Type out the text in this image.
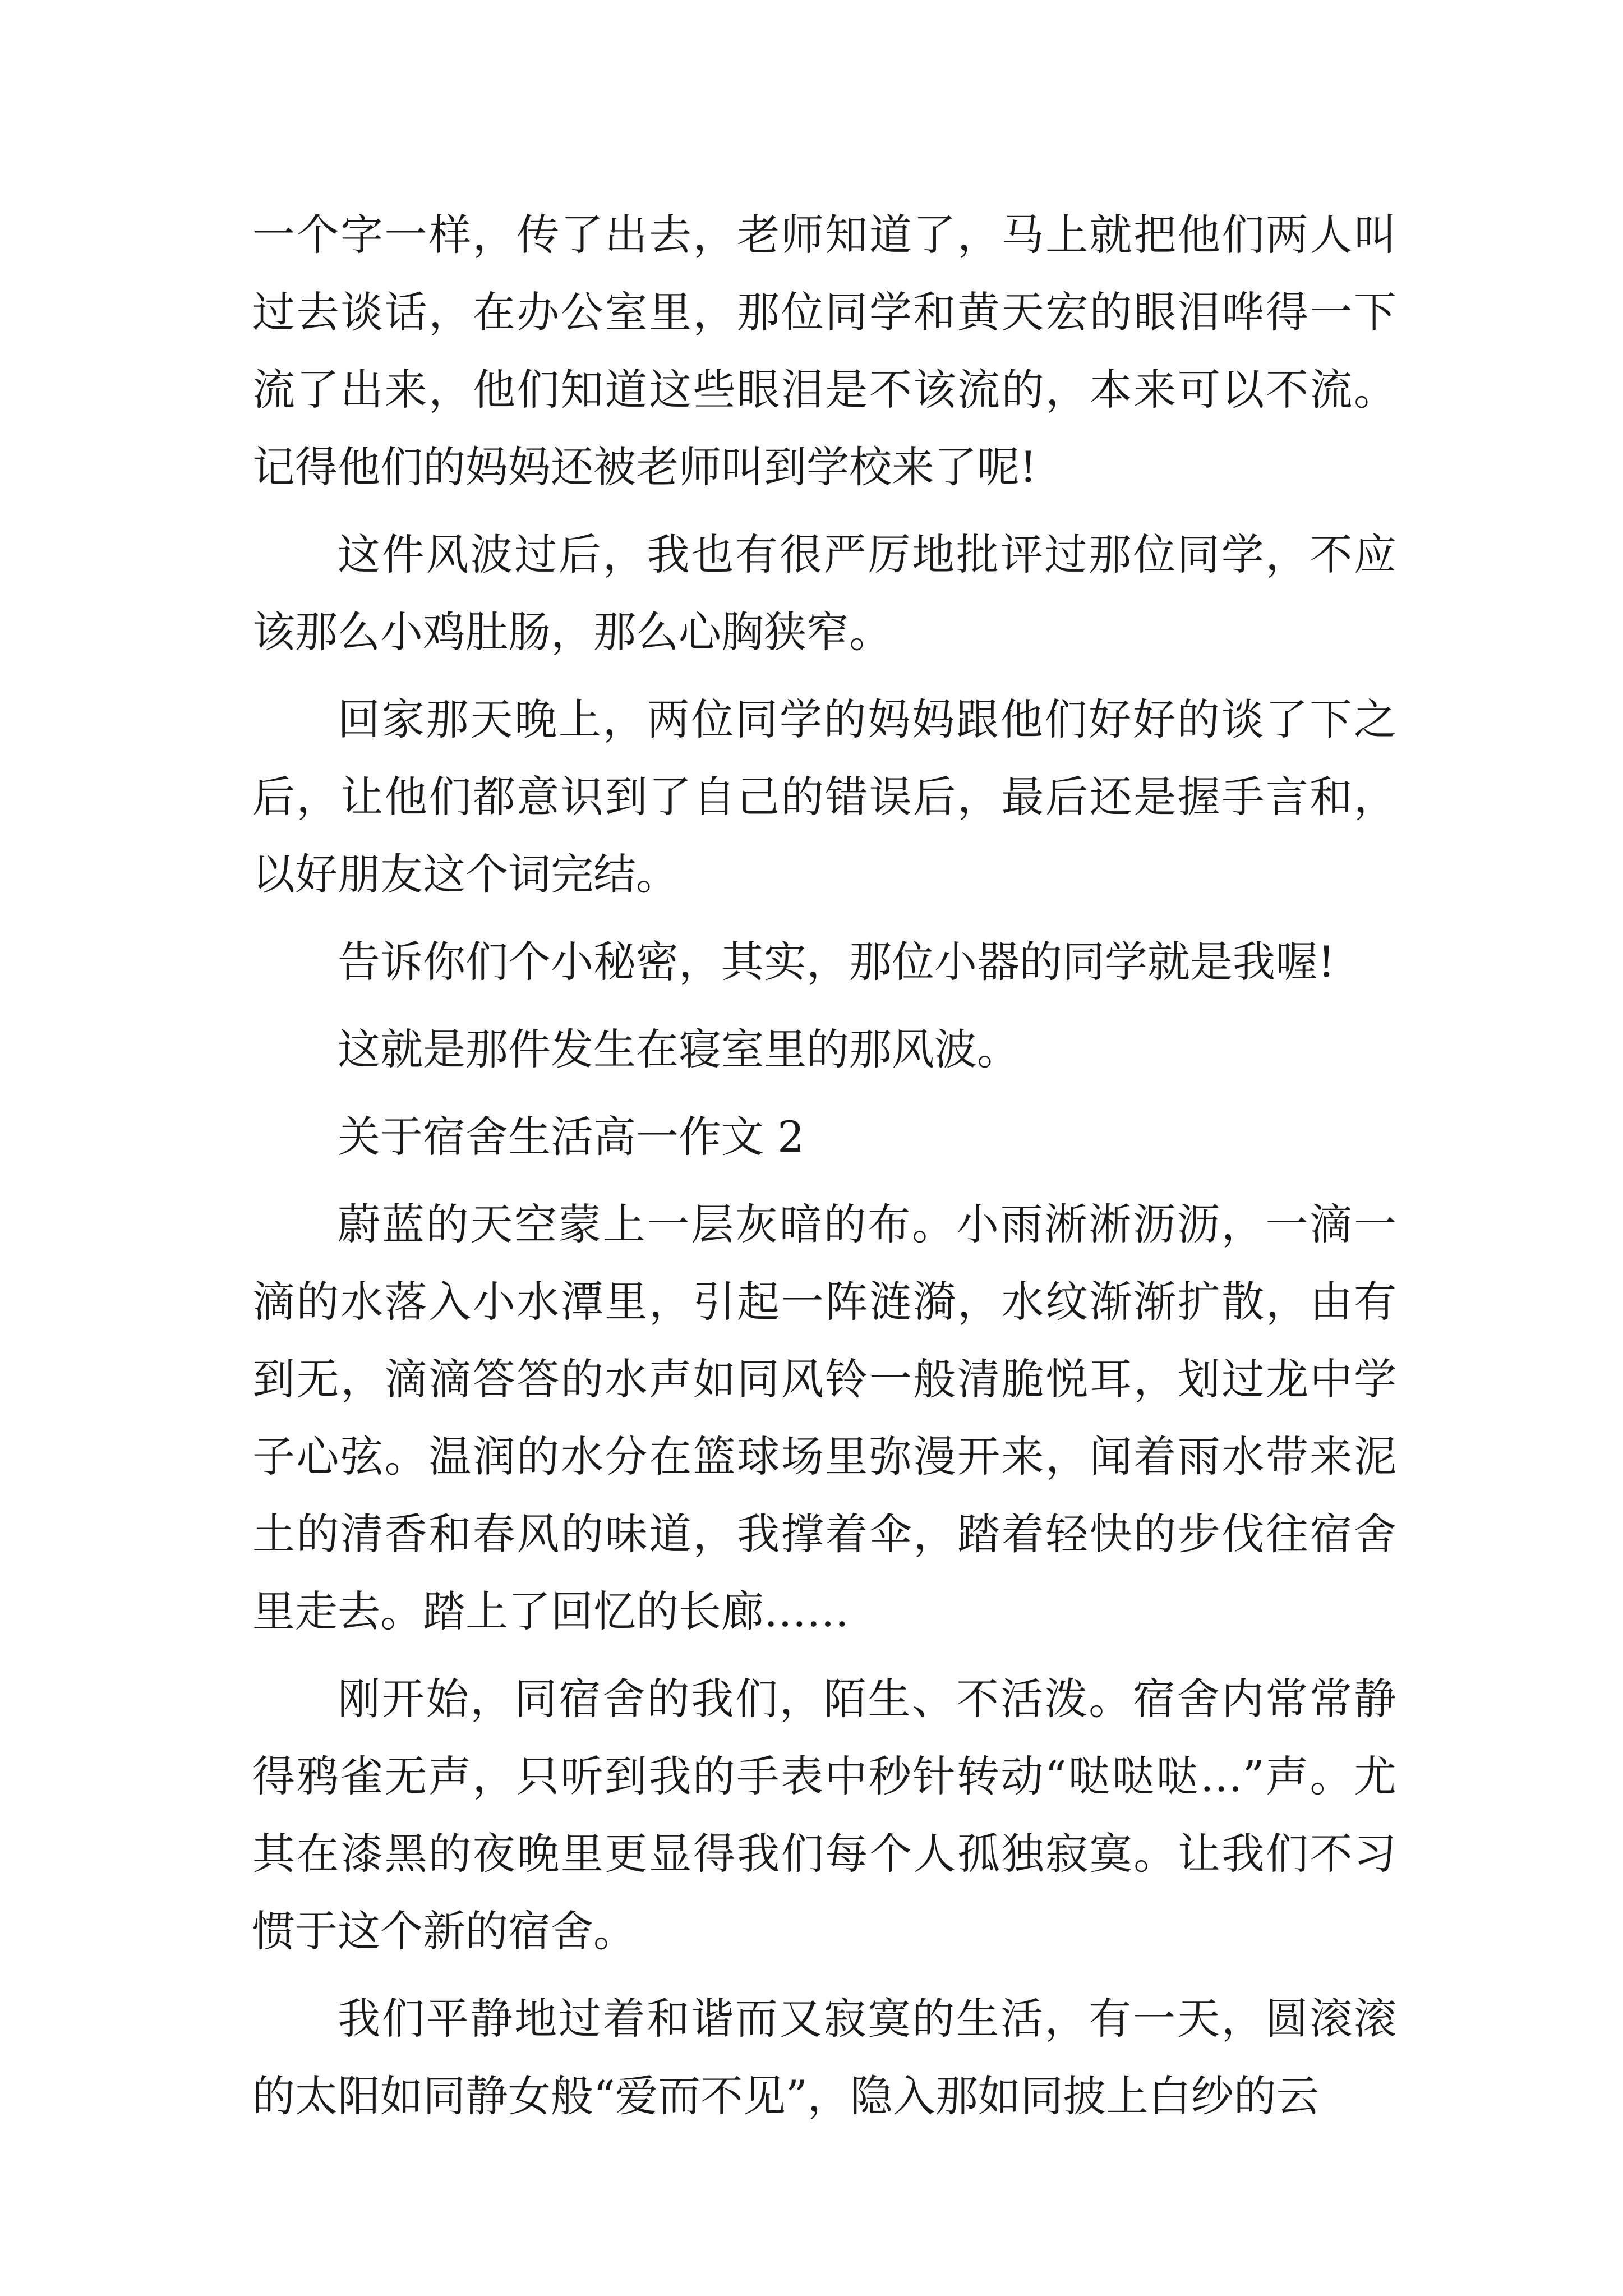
一个字一样，传了出去，老师知道了，马上就把他们两人叫过去谈话，在办公室里，那位同学和黄天宏的眼泪哗得一下流了出来，他们知道这些眼泪是不该流的，本来可以不流。记得他们的妈妈还被老师叫到学校来了呢!

这件风波过后，我也有很严厉地批评过那位同学，不应该那么小鸡肚肠，那么心胸狭窄。

回家那天晚上，两位同学的妈妈跟他们好好的谈了下之后，让他们都意识到了自己的错误后，最后还是握手言和，以好朋友这个词完结。

告诉你们个小秘密，其实，那位小器的同学就是我喔!

这就是那件发生在寝室里的那风波。

关于宿舍生活高一作文 2

蔚蓝的天空蒙上一层灰暗的布。小雨淅淅沥沥，一滴一滴的水落入小水潭里，引起一阵涟漪，水纹渐渐扩散，由有到无，滴滴答答的水声如同风铃一般清脆悦耳，划过龙中学子心弦。温润的水分在篮球场里弥漫开来，闻着雨水带来泥土的清香和春风的味道，我撑着伞，踏着轻快的步伐往宿舍里走去。踏上了回忆的长廊……

刚开始，同宿舍的我们，陌生、不活泼。宿舍内常常静得鸦雀无声，只听到我的手表中秒针转动“哒哒哒…”声。尤其在漆黑的夜晚里更显得我们每个人孤独寂寞。让我们不习惯于这个新的宿舍。

我们平静地过着和谐而又寂寞的生活，有一天，圆滚滚的太阳如同静女般“爱而不见”，隐入那如同披上白纱的云
